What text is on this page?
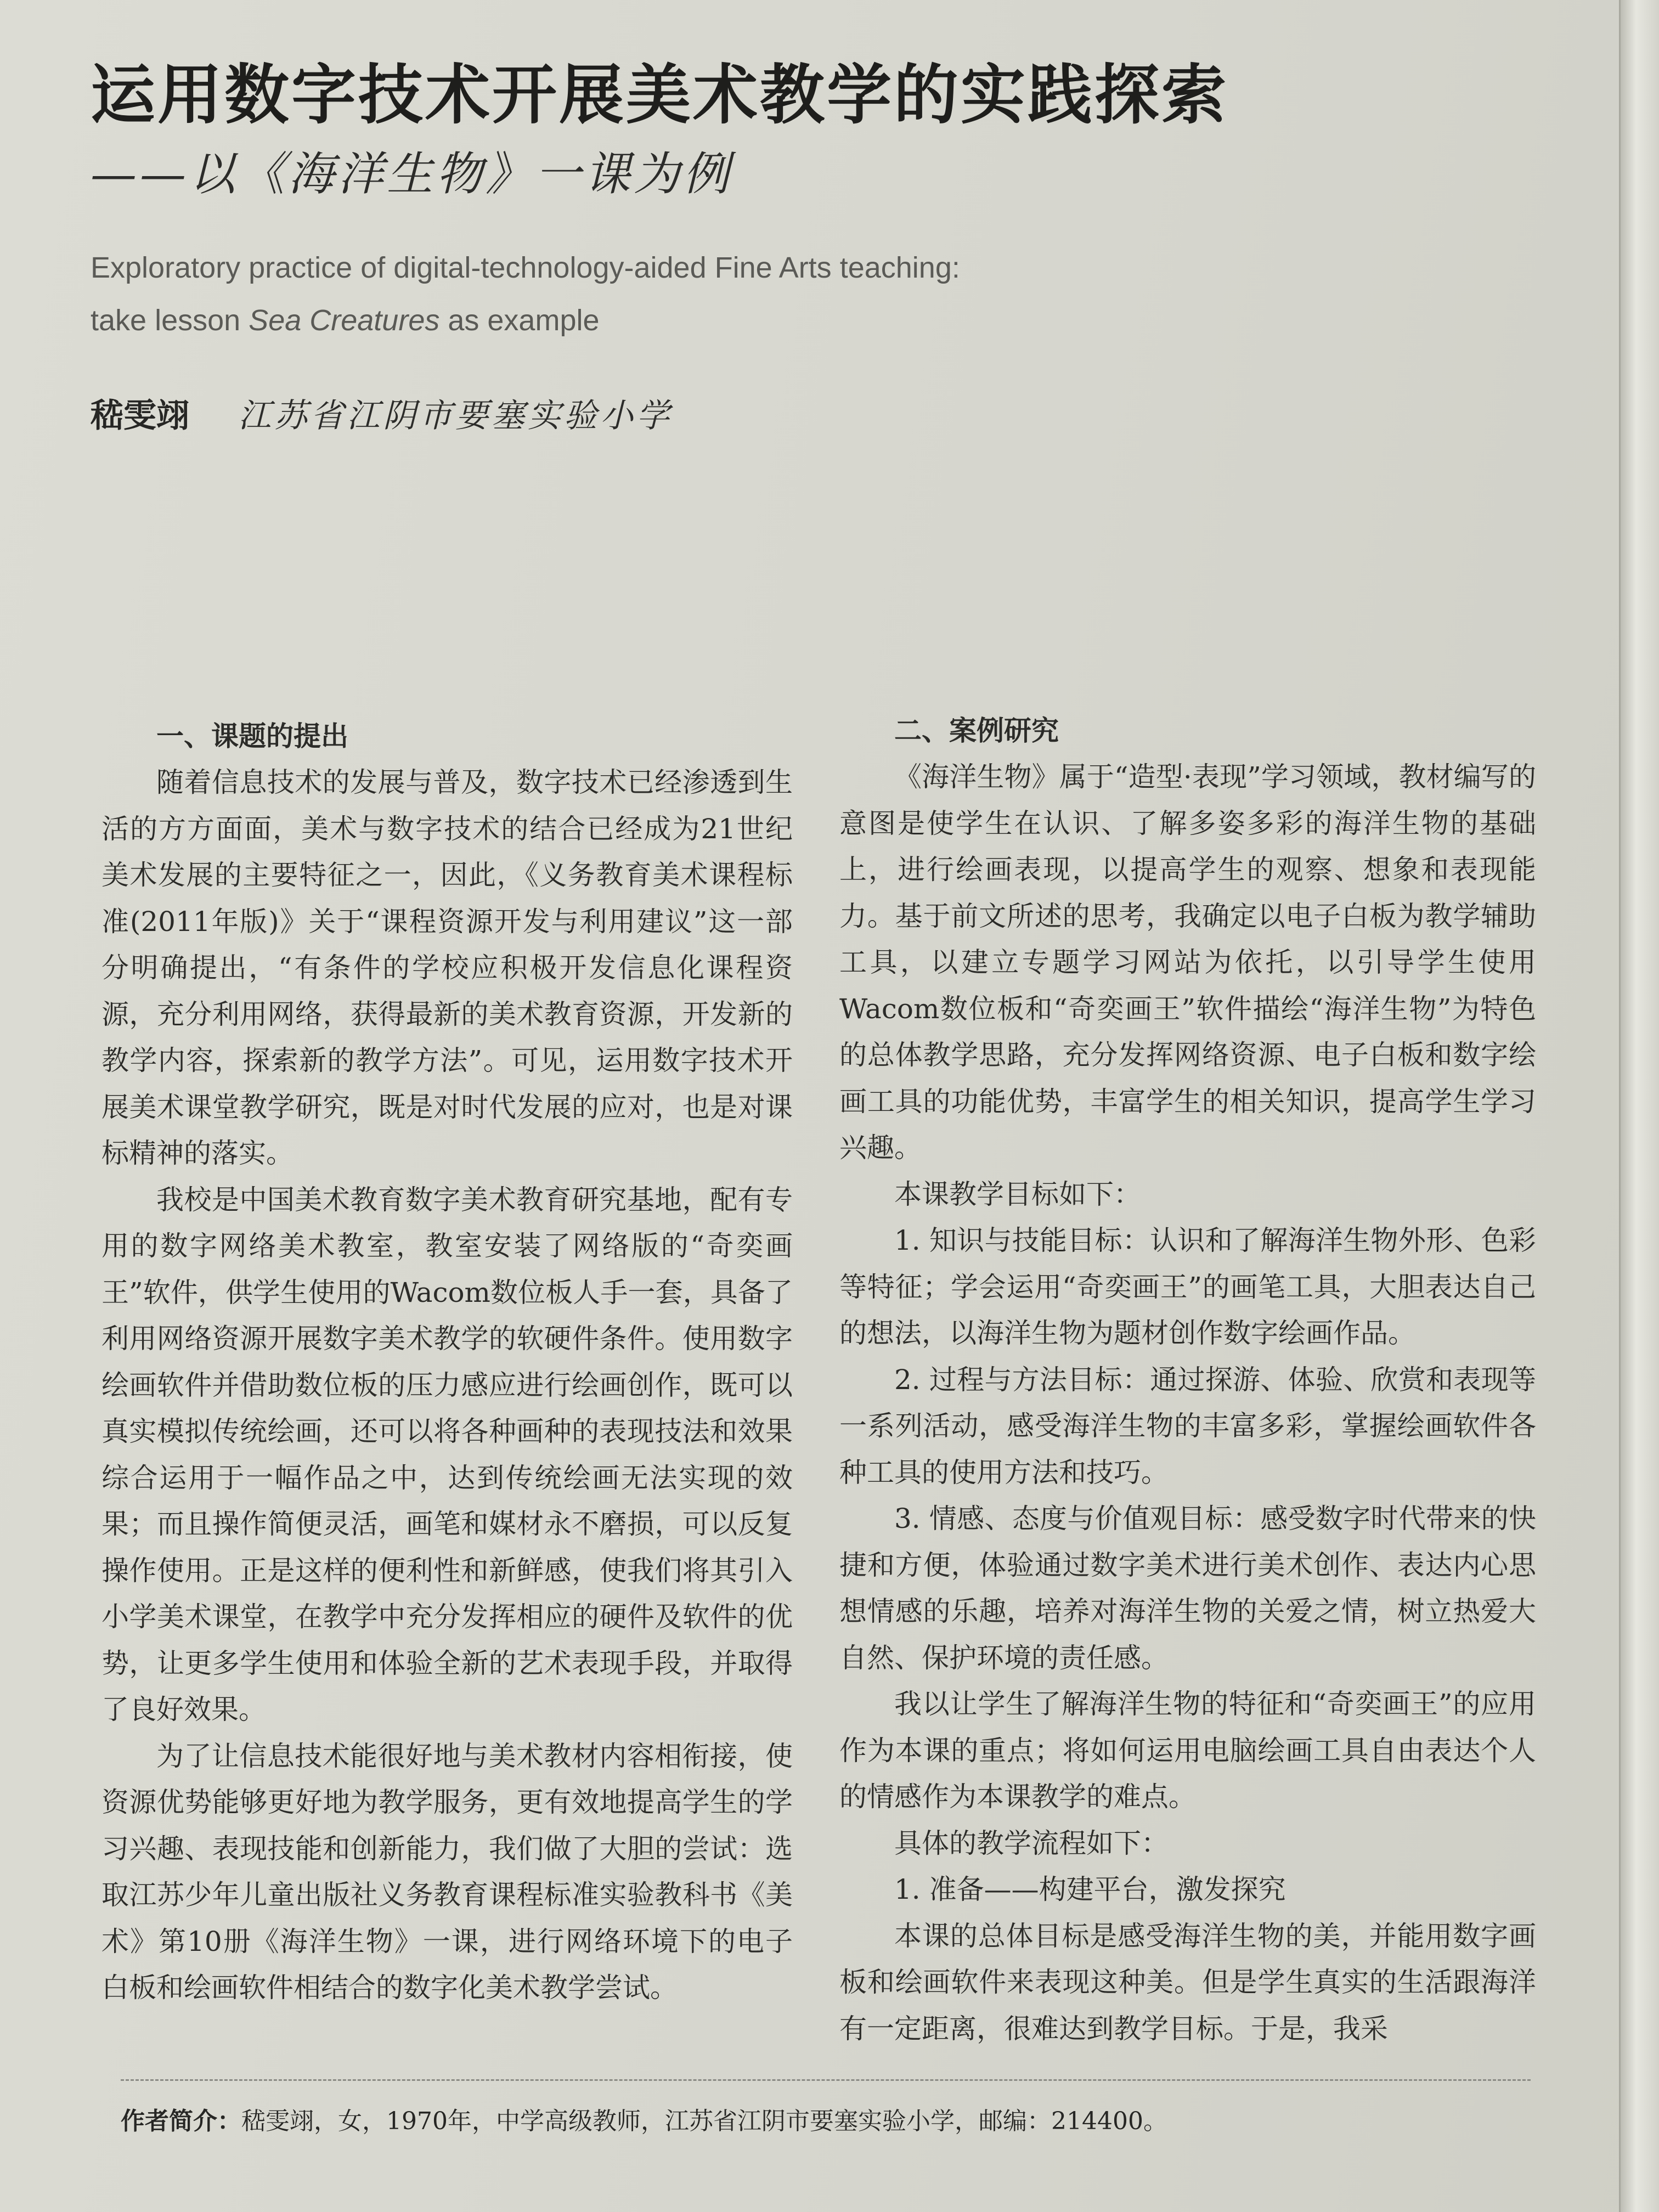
运用数字技术开展美术教学的实践探索
——以《海洋生物》一课为例
Exploratory practice of digital-technology-aided Fine Arts teaching:
take lesson Sea Creatures as example
嵇雯翊 江苏省江阴市要塞实验小学
一、课题的提出

随着信息技术的发展与普及，数字技术已经渗透到生活的方方面面，美术与数字技术的结合已经成为21世纪美术发展的主要特征之一，因此，《义务教育美术课程标准(2011年版)》关于“课程资源开发与利用建议”这一部分明确提出，“有条件的学校应积极开发信息化课程资源，充分利用网络，获得最新的美术教育资源，开发新的教学内容，探索新的教学方法”。可见，运用数字技术开展美术课堂教学研究，既是对时代发展的应对，也是对课标精神的落实。

我校是中国美术教育数字美术教育研究基地，配有专用的数字网络美术教室，教室安装了网络版的“奇奕画王”软件，供学生使用的Wacom数位板人手一套，具备了利用网络资源开展数字美术教学的软硬件条件。使用数字绘画软件并借助数位板的压力感应进行绘画创作，既可以真实模拟传统绘画，还可以将各种画种的表现技法和效果综合运用于一幅作品之中，达到传统绘画无法实现的效果；而且操作简便灵活，画笔和媒材永不磨损，可以反复操作使用。正是这样的便利性和新鲜感，使我们将其引入小学美术课堂，在教学中充分发挥相应的硬件及软件的优势，让更多学生使用和体验全新的艺术表现手段，并取得了良好效果。

为了让信息技术能很好地与美术教材内容相衔接，使资源优势能够更好地为教学服务，更有效地提高学生的学习兴趣、表现技能和创新能力，我们做了大胆的尝试：选取江苏少年儿童出版社义务教育课程标准实验教科书《美术》第10册《海洋生物》一课，进行网络环境下的电子白板和绘画软件相结合的数字化美术教学尝试。

二、案例研究

《海洋生物》属于“造型·表现”学习领域，教材编写的意图是使学生在认识、了解多姿多彩的海洋生物的基础上，进行绘画表现，以提高学生的观察、想象和表现能力。基于前文所述的思考，我确定以电子白板为教学辅助工具，以建立专题学习网站为依托，以引导学生使用Wacom数位板和“奇奕画王”软件描绘“海洋生物”为特色的总体教学思路，充分发挥网络资源、电子白板和数字绘画工具的功能优势，丰富学生的相关知识，提高学生学习兴趣。

本课教学目标如下：

1. 知识与技能目标：认识和了解海洋生物外形、色彩等特征；学会运用“奇奕画王”的画笔工具，大胆表达自己的想法，以海洋生物为题材创作数字绘画作品。

2. 过程与方法目标：通过探游、体验、欣赏和表现等一系列活动，感受海洋生物的丰富多彩，掌握绘画软件各种工具的使用方法和技巧。

3. 情感、态度与价值观目标：感受数字时代带来的快捷和方便，体验通过数字美术进行美术创作、表达内心思想情感的乐趣，培养对海洋生物的关爱之情，树立热爱大自然、保护环境的责任感。

我以让学生了解海洋生物的特征和“奇奕画王”的应用作为本课的重点；将如何运用电脑绘画工具自由表达个人的情感作为本课教学的难点。

具体的教学流程如下：

1. 准备——构建平台，激发探究

本课的总体目标是感受海洋生物的美，并能用数字画板和绘画软件来表现这种美。但是学生真实的生活跟海洋有一定距离，很难达到教学目标。于是，我采

作者简介：嵇雯翊，女，1970年，中学高级教师，江苏省江阴市要塞实验小学，邮编：214400。
